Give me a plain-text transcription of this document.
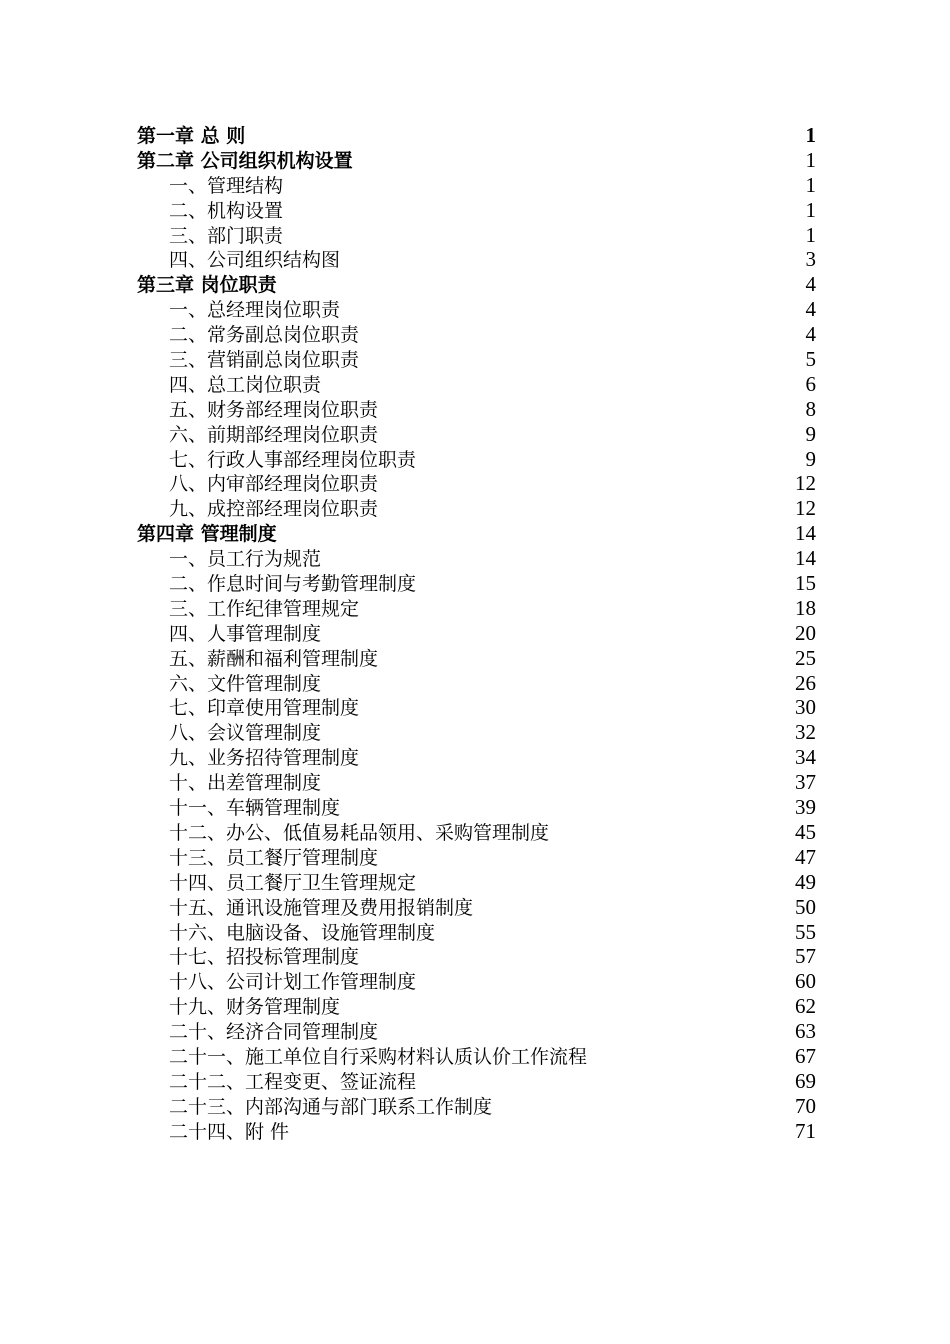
第一章 总 则	1
第二章 公司组织机构设置	1
一、管理结构	1
二、机构设置	1
三、部门职责	1
四、公司组织结构图	3
第三章 岗位职责	4
一、总经理岗位职责	4
二、常务副总岗位职责	4
三、营销副总岗位职责	5
四、总工岗位职责	6
五、财务部经理岗位职责	8
六、前期部经理岗位职责	9
七、行政人事部经理岗位职责	9
八、内审部经理岗位职责	12
九、成控部经理岗位职责	12
第四章 管理制度	14
一、员工行为规范	14
二、作息时间与考勤管理制度	15
三、工作纪律管理规定	18
四、人事管理制度	20
五、薪酬和福利管理制度	25
六、文件管理制度	26
七、印章使用管理制度	30
八、会议管理制度	32
九、业务招待管理制度	34
十、出差管理制度	37
十一、车辆管理制度	39
十二、办公、低值易耗品领用、采购管理制度	45
十三、员工餐厅管理制度	47
十四、员工餐厅卫生管理规定	49
十五、通讯设施管理及费用报销制度	50
十六、电脑设备、设施管理制度	55
十七、招投标管理制度	57
十八、公司计划工作管理制度	60
十九、财务管理制度	62
二十、经济合同管理制度	63
二十一、施工单位自行采购材料认质认价工作流程	67
二十二、工程变更、签证流程	69
二十三、内部沟通与部门联系工作制度	70
二十四、附 件	71
